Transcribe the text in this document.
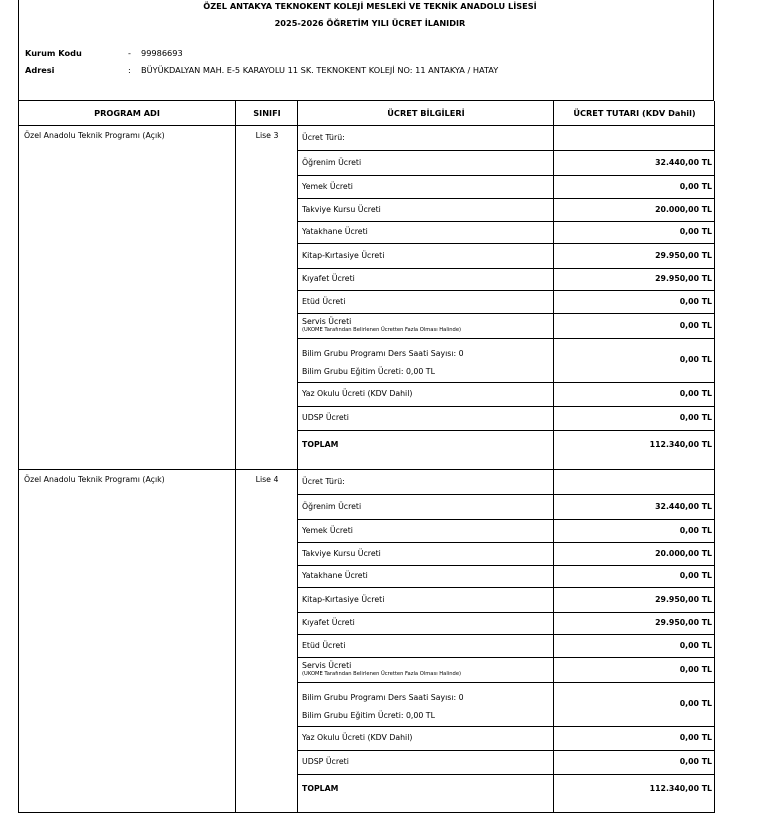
ÖZEL ANTAKYA TEKNOKENT KOLEJİ MESLEKİ VE TEKNİK ANADOLU LİSESİ
2025-2026 ÖĞRETİM YILI ÜCRET İLANIDIR
Kurum Kodu	- 99986693
Adresi	: BÜYÜKDALYAN MAH. E-5 KARAYOLU 11 SK. TEKNOKENT KOLEJİ NO: 11 ANTAKYA / HATAY
PROGRAM ADI	SINIFI	ÜCRET BİLGİLERİ	ÜCRET TUTARI (KDV Dahil)
Özel Anadolu Teknik Programı (Açık)	Lise 3	Ücret Türü:
Öğrenim Ücreti	32.440,00 TL
Yemek Ücreti	0,00 TL
Takviye Kursu Ücreti	20.000,00 TL
Yatakhane Ücreti	0,00 TL
Kitap-Kırtasiye Ücreti	29.950,00 TL
Kıyafet Ücreti	29.950,00 TL
Etüd Ücreti	0,00 TL
Servis Ücreti
(UKOME Tarafından Belirlenen Ücretten Fazla Olması Halinde)	0,00 TL
Bilim Grubu Programı Ders Saati Sayısı: 0
Bilim Grubu Eğitim Ücreti: 0,00 TL
0,00 TL
Yaz Okulu Ücreti (KDV Dahil)	0,00 TL
UDSP Ücreti	0,00 TL
TOPLAM	112.340,00 TL
Özel Anadolu Teknik Programı (Açık)	Lise 4	Ücret Türü:
Öğrenim Ücreti	32.440,00 TL
Yemek Ücreti	0,00 TL
Takviye Kursu Ücreti	20.000,00 TL
Yatakhane Ücreti	0,00 TL
Kitap-Kırtasiye Ücreti	29.950,00 TL
Kıyafet Ücreti	29.950,00 TL
Etüd Ücreti	0,00 TL
Servis Ücreti
(UKOME Tarafından Belirlenen Ücretten Fazla Olması Halinde)	0,00 TL
Bilim Grubu Programı Ders Saati Sayısı: 0
Bilim Grubu Eğitim Ücreti: 0,00 TL
0,00 TL
Yaz Okulu Ücreti (KDV Dahil)	0,00 TL
UDSP Ücreti	0,00 TL
TOPLAM	112.340,00 TL
